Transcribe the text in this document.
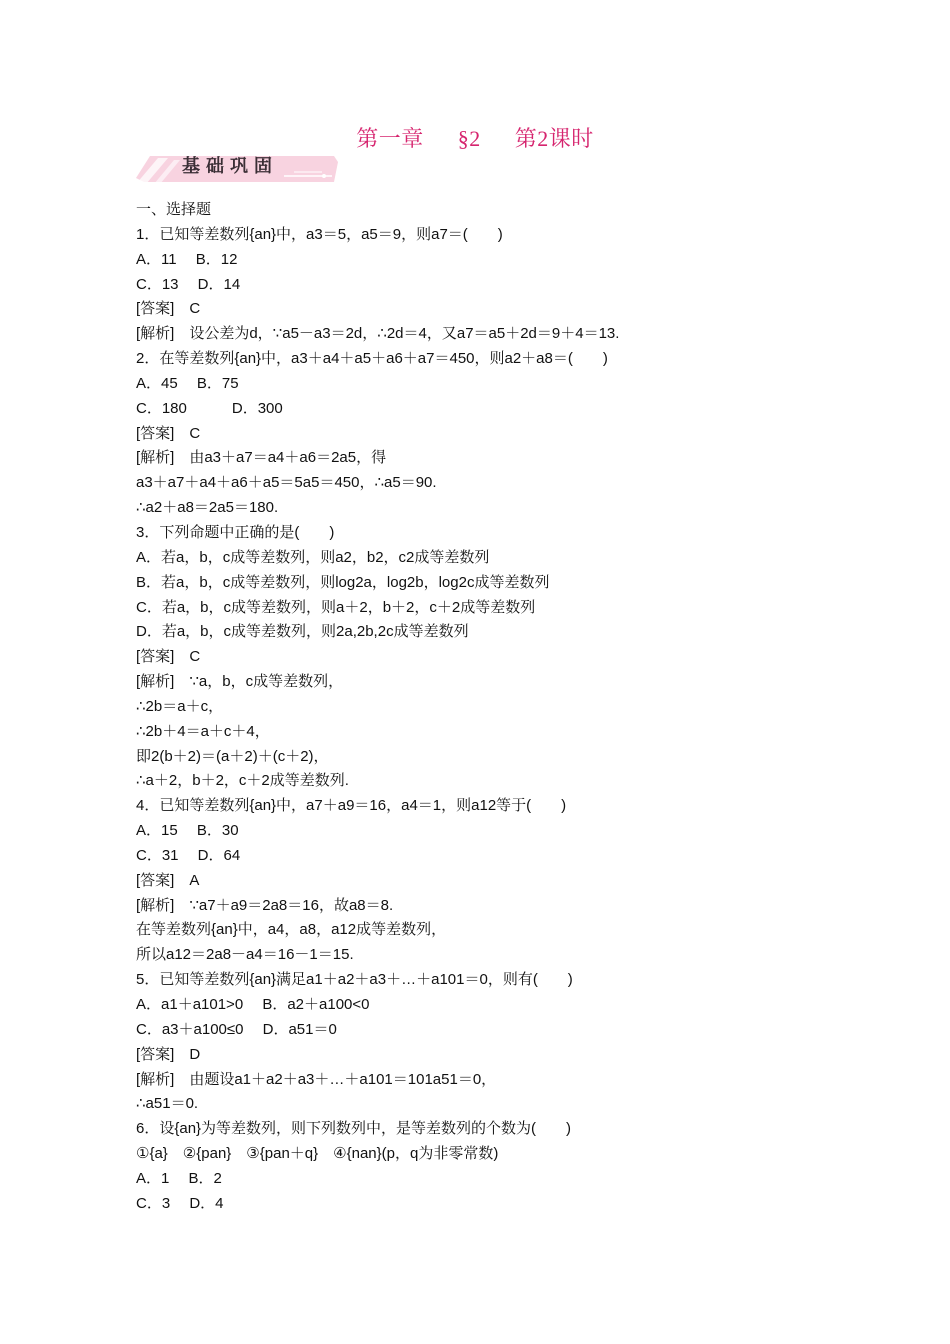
第一章 §2 第2课时
基础巩固
一、选择题
1．已知等差数列{an}中，a3＝5，a5＝9，则a7＝(　　)
A．11　 B．12
C．13　 D．14
[答案]　C
[解析]　设公差为d，∵a5－a3＝2d，∴2d＝4，又a7＝a5＋2d＝9＋4＝13.
2．在等差数列{an}中，a3＋a4＋a5＋a6＋a7＝450，则a2＋a8＝(　　)
A．45　 B．75
C．180　　　D．300
[答案]　C
[解析]　由a3＋a7＝a4＋a6＝2a5，得
a3＋a7＋a4＋a6＋a5＝5a5＝450，∴a5＝90.
∴a2＋a8＝2a5＝180.
3．下列命题中正确的是(　　)
A．若a，b，c成等差数列，则a2，b2，c2成等差数列
B．若a，b，c成等差数列，则log2a，log2b，log2c成等差数列
C．若a，b，c成等差数列，则a＋2，b＋2，c＋2成等差数列
D．若a，b，c成等差数列，则2a,2b,2c成等差数列
[答案]　C
[解析]　∵a，b，c成等差数列，
∴2b＝a＋c，
∴2b＋4＝a＋c＋4，
即2(b＋2)＝(a＋2)＋(c＋2)，
∴a＋2，b＋2，c＋2成等差数列.
4．已知等差数列{an}中，a7＋a9＝16，a4＝1，则a12等于(　　)
A．15　 B．30
C．31　 D．64
[答案]　A
[解析]　∵a7＋a9＝2a8＝16，故a8＝8.
在等差数列{an}中，a4，a8，a12成等差数列，
所以a12＝2a8－a4＝16－1＝15.
5．已知等差数列{an}满足a1＋a2＋a3＋…＋a101＝0，则有(　　)
A．a1＋a101>0　 B．a2＋a100<0
C．a3＋a100≤0　 D．a51＝0
[答案]　D
[解析]　由题设a1＋a2＋a3＋…＋a101＝101a51＝0，
∴a51＝0.
6．设{an}为等差数列，则下列数列中，是等差数列的个数为(　　)
①{a}　②{pan}　③{pan＋q}　④{nan}(p，q为非零常数)
A．1　 B．2
C．3　 D．4
